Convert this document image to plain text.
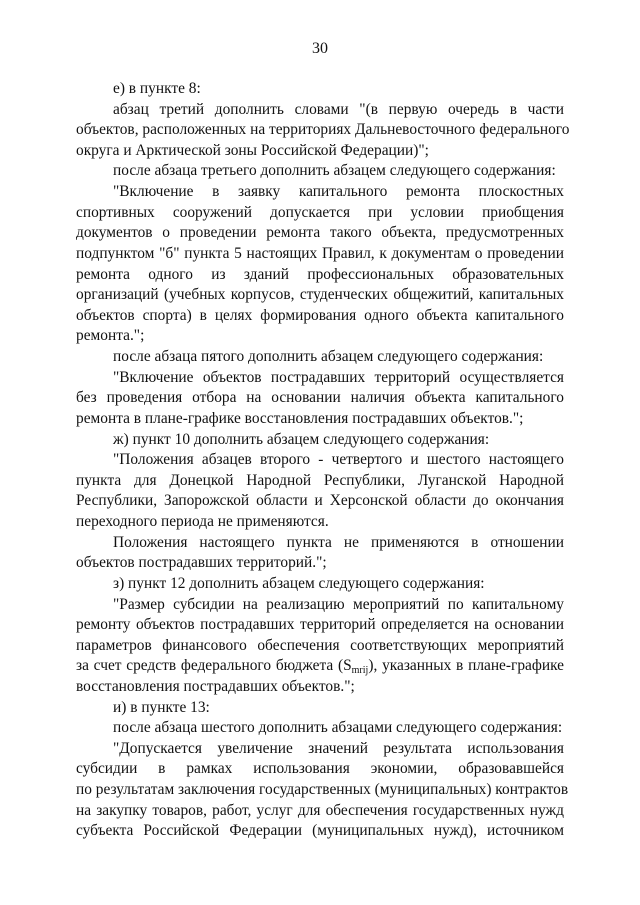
30
е) в пункте 8:
абзац третий дополнить словами "(в первую очередь в части
объектов, расположенных на территориях Дальневосточного федерального
округа и Арктической зоны Российской Федерации)";
после абзаца третьего дополнить абзацем следующего содержания:
"Включение в заявку капитального ремонта плоскостных
спортивных сооружений допускается при условии приобщения
документов о проведении ремонта такого объекта, предусмотренных
подпунктом "б" пункта 5 настоящих Правил, к документам о проведении
ремонта одного из зданий профессиональных образовательных
организаций (учебных корпусов, студенческих общежитий, капитальных
объектов спорта) в целях формирования одного объекта капитального
ремонта.";
после абзаца пятого дополнить абзацем следующего содержания:
"Включение объектов пострадавших территорий осуществляется
без проведения отбора на основании наличия объекта капитального
ремонта в плане-графике восстановления пострадавших объектов.";
ж) пункт 10 дополнить абзацем следующего содержания:
"Положения абзацев второго - четвертого и шестого настоящего
пункта для Донецкой Народной Республики, Луганской Народной
Республики, Запорожской области и Херсонской области до окончания
переходного периода не применяются.
Положения настоящего пункта не применяются в отношении
объектов пострадавших территорий.";
з) пункт 12 дополнить абзацем следующего содержания:
"Размер субсидии на реализацию мероприятий по капитальному
ремонту объектов пострадавших территорий определяется на основании
параметров финансового обеспечения соответствующих мероприятий
за счет средств федерального бюджета (Smrij), указанных в плане-графике
восстановления пострадавших объектов.";
и) в пункте 13:
после абзаца шестого дополнить абзацами следующего содержания:
"Допускается увеличение значений результата использования
субсидии в рамках использования экономии, образовавшейся
по результатам заключения государственных (муниципальных) контрактов
на закупку товаров, работ, услуг для обеспечения государственных нужд
субъекта Российской Федерации (муниципальных нужд), источником
